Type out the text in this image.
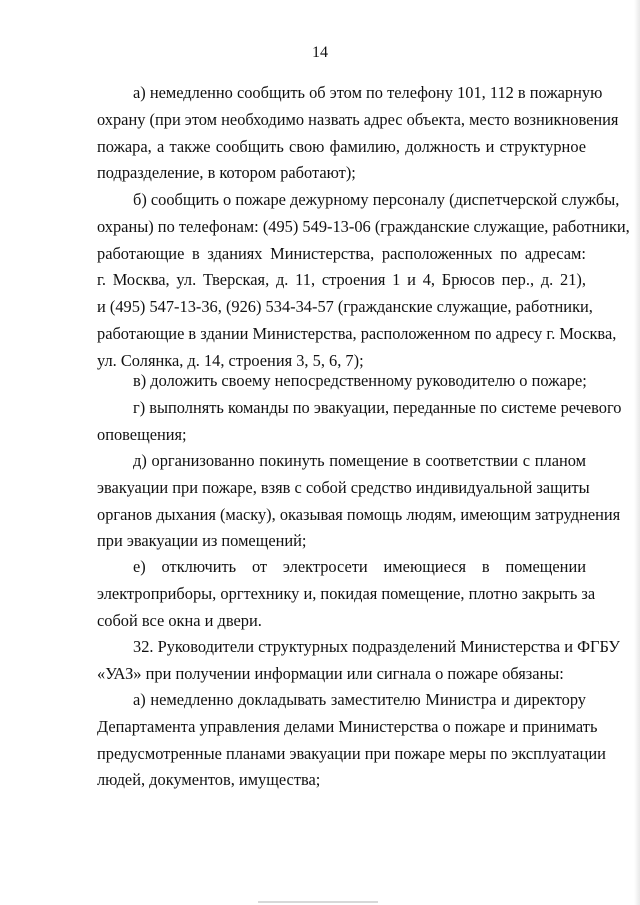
14
а) немедленно сообщить об этом по телефону 101, 112 в пожарную
охрану (при этом необходимо назвать адрес объекта, место возникновения
пожара, а также сообщить свою фамилию, должность и структурное
подразделение, в котором работают);
б) сообщить о пожаре дежурному персоналу (диспетчерской службы,
охраны) по телефонам: (495) 549-13-06 (гражданские служащие, работники,
работающие в зданиях Министерства, расположенных по адресам:
г. Москва, ул. Тверская, д. 11, строения 1 и 4, Брюсов пер., д. 21),
и (495) 547-13-36, (926) 534-34-57 (гражданские служащие, работники,
работающие в здании Министерства, расположенном по адресу г. Москва,
ул. Солянка, д. 14, строения 3, 5, 6, 7);
в) доложить своему непосредственному руководителю о пожаре;
г) выполнять команды по эвакуации, переданные по системе речевого
оповещения;
д) организованно покинуть помещение в соответствии с планом
эвакуации при пожаре, взяв с собой средство индивидуальной защиты
органов дыхания (маску), оказывая помощь людям, имеющим затруднения
при эвакуации из помещений;
е) отключить от электросети имеющиеся в помещении
электроприборы, оргтехнику и, покидая помещение, плотно закрыть за
собой все окна и двери.
32. Руководители структурных подразделений Министерства и ФГБУ
«УАЗ» при получении информации или сигнала о пожаре обязаны:
а) немедленно докладывать заместителю Министра и директору
Департамента управления делами Министерства о пожаре и принимать
предусмотренные планами эвакуации при пожаре меры по эксплуатации
людей, документов, имущества;
